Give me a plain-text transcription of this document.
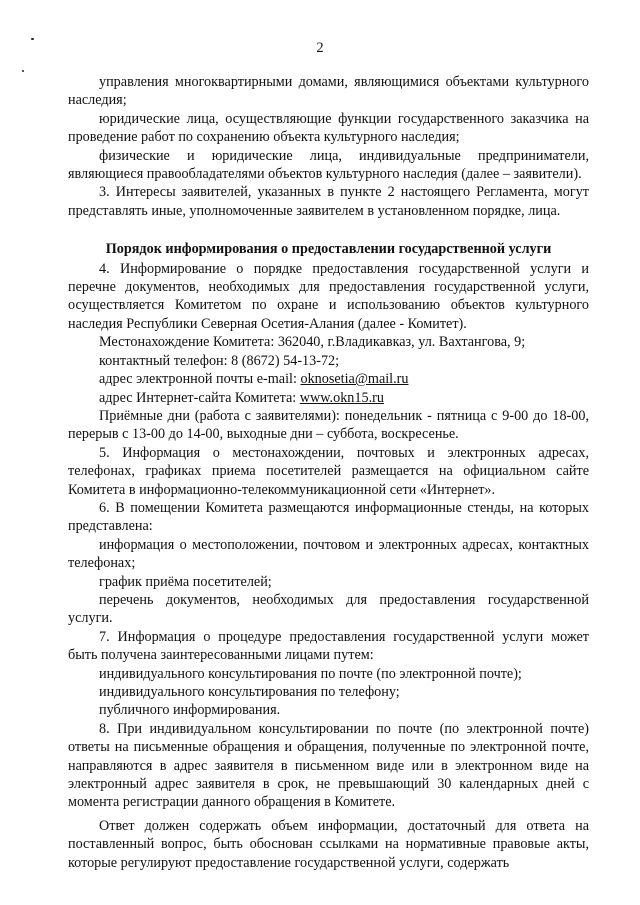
2

управления многоквартирными домами, являющимися объектами культурного наследия;

юридические лица, осуществляющие функции государственного заказчика на проведение работ по сохранению объекта культурного наследия;

физические и юридические лица, индивидуальные предприниматели, являющиеся правообладателями объектов культурного наследия (далее – заявители).

3. Интересы заявителей, указанных в пункте 2 настоящего Регламента, могут представлять иные, уполномоченные заявителем в установленном порядке, лица.

Порядок информирования о предоставлении государственной услуги

4. Информирование о порядке предоставления государственной услуги и перечне документов, необходимых для предоставления государственной услуги, осуществляется Комитетом по охране и использованию объектов культурного наследия Республики Северная Осетия-Алания (далее - Комитет).

Местонахождение Комитета: 362040, г.Владикавказ, ул. Вахтангова, 9;

контактный телефон: 8 (8672) 54-13-72;

адрес электронной почты e-mail: oknosetia@mail.ru

адрес Интернет-сайта Комитета: www.okn15.ru

Приёмные дни (работа с заявителями): понедельник - пятница с 9-00 до 18-00, перерыв с 13-00 до 14-00, выходные дни – суббота, воскресенье.

5. Информация о местонахождении, почтовых и электронных адресах, телефонах, графиках приема посетителей размещается на официальном сайте Комитета в информационно-телекоммуникационной сети «Интернет».

6. В помещении Комитета размещаются информационные стенды, на которых представлена:

информация о местоположении, почтовом и электронных адресах, контактных телефонах;

график приёма посетителей;

перечень документов, необходимых для предоставления государственной услуги.

7. Информация о процедуре предоставления государственной услуги может быть получена заинтересованными лицами путем:

индивидуального консультирования по почте (по электронной почте);

индивидуального консультирования по телефону;

публичного информирования.

8. При индивидуальном консультировании по почте (по электронной почте) ответы на письменные обращения и обращения, полученные по электронной почте, направляются в адрес заявителя в письменном виде или в электронном виде на электронный адрес заявителя в срок, не превышающий 30 календарных дней с момента регистрации данного обращения в Комитете.

Ответ должен содержать объем информации, достаточный для ответа на поставленный вопрос, быть обоснован ссылками на нормативные правовые акты, которые регулируют предоставление государственной услуги, содержать
